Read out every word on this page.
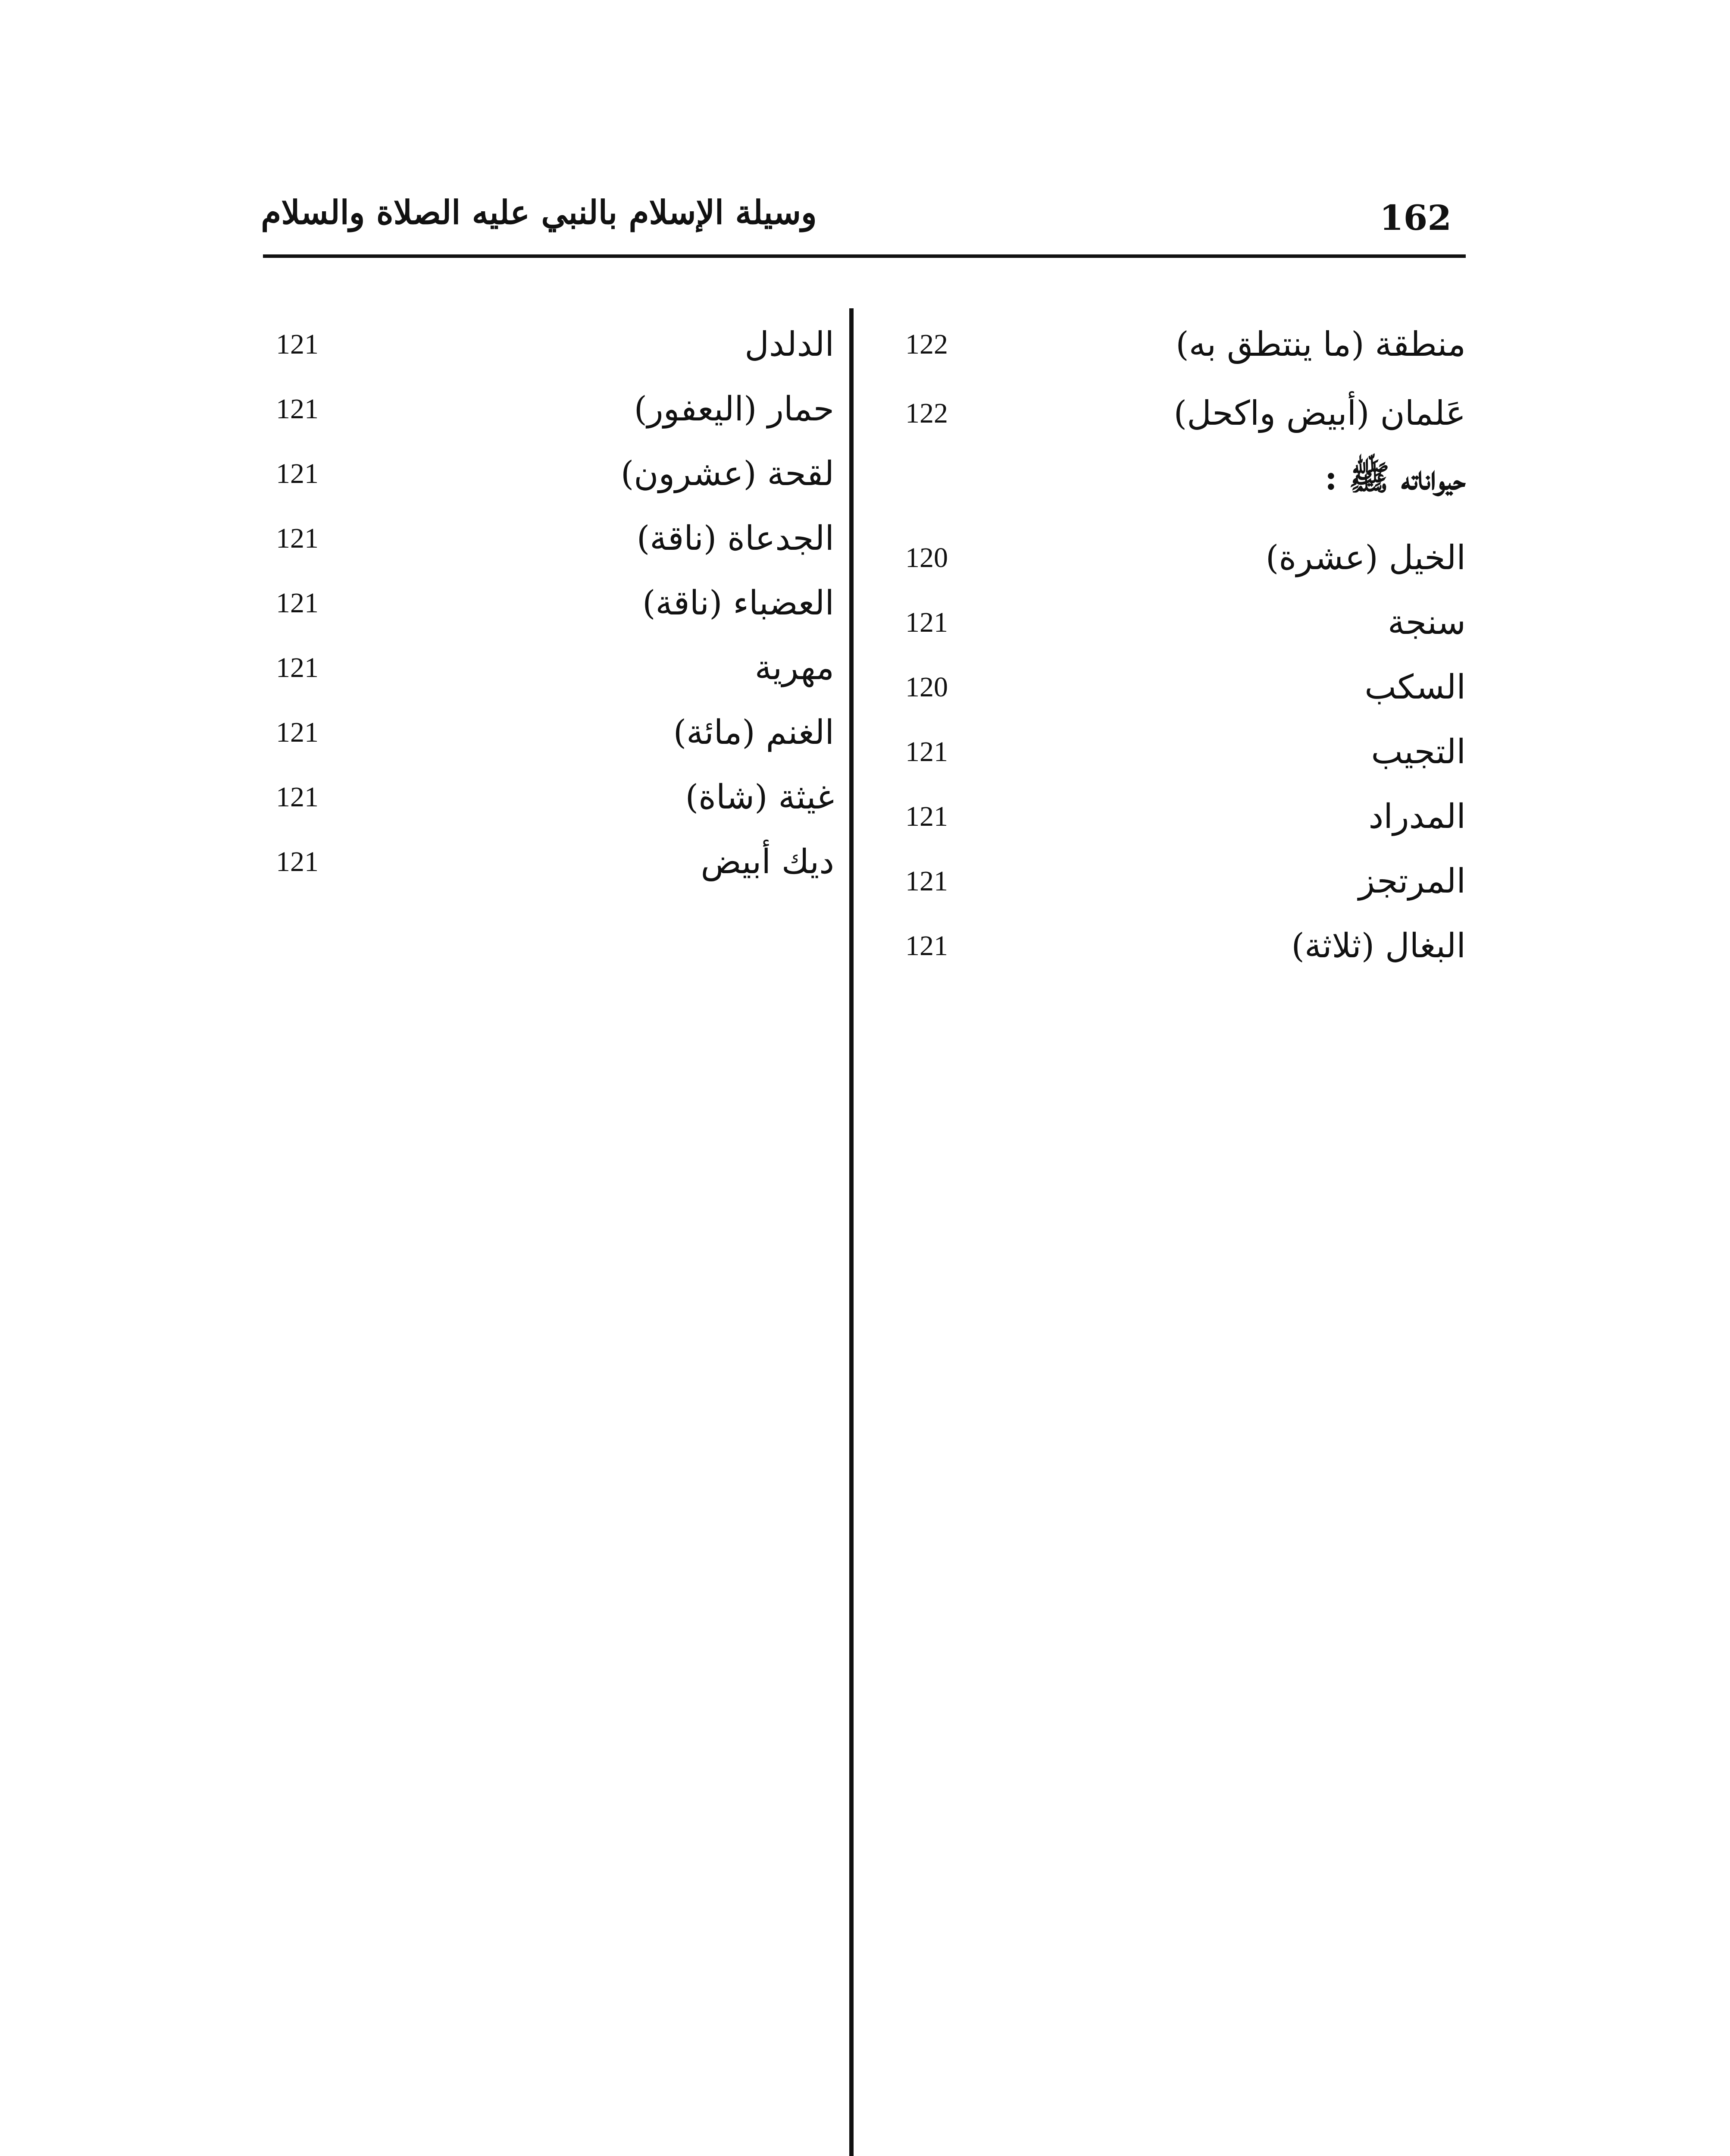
162
وسيلة الإسلام بالنبي عليه الصلاة والسلام
منطقة (ما ينتطق به)
122
عَلمان (أبيض واكحل)
122
حيواناته ﷺ :
الخيل (عشرة)
120
سنجة
121
السكب
120
التجيب
121
المدراد
121
المرتجز
121
البغال (ثلاثة)
121
الدلدل
121
حمار (اليعفور)
121
لقحة (عشرون)
121
الجدعاة (ناقة)
121
العضباء (ناقة)
121
مهرية
121
الغنم (مائة)
121
غيثة (شاة)
121
ديك أبيض
121
